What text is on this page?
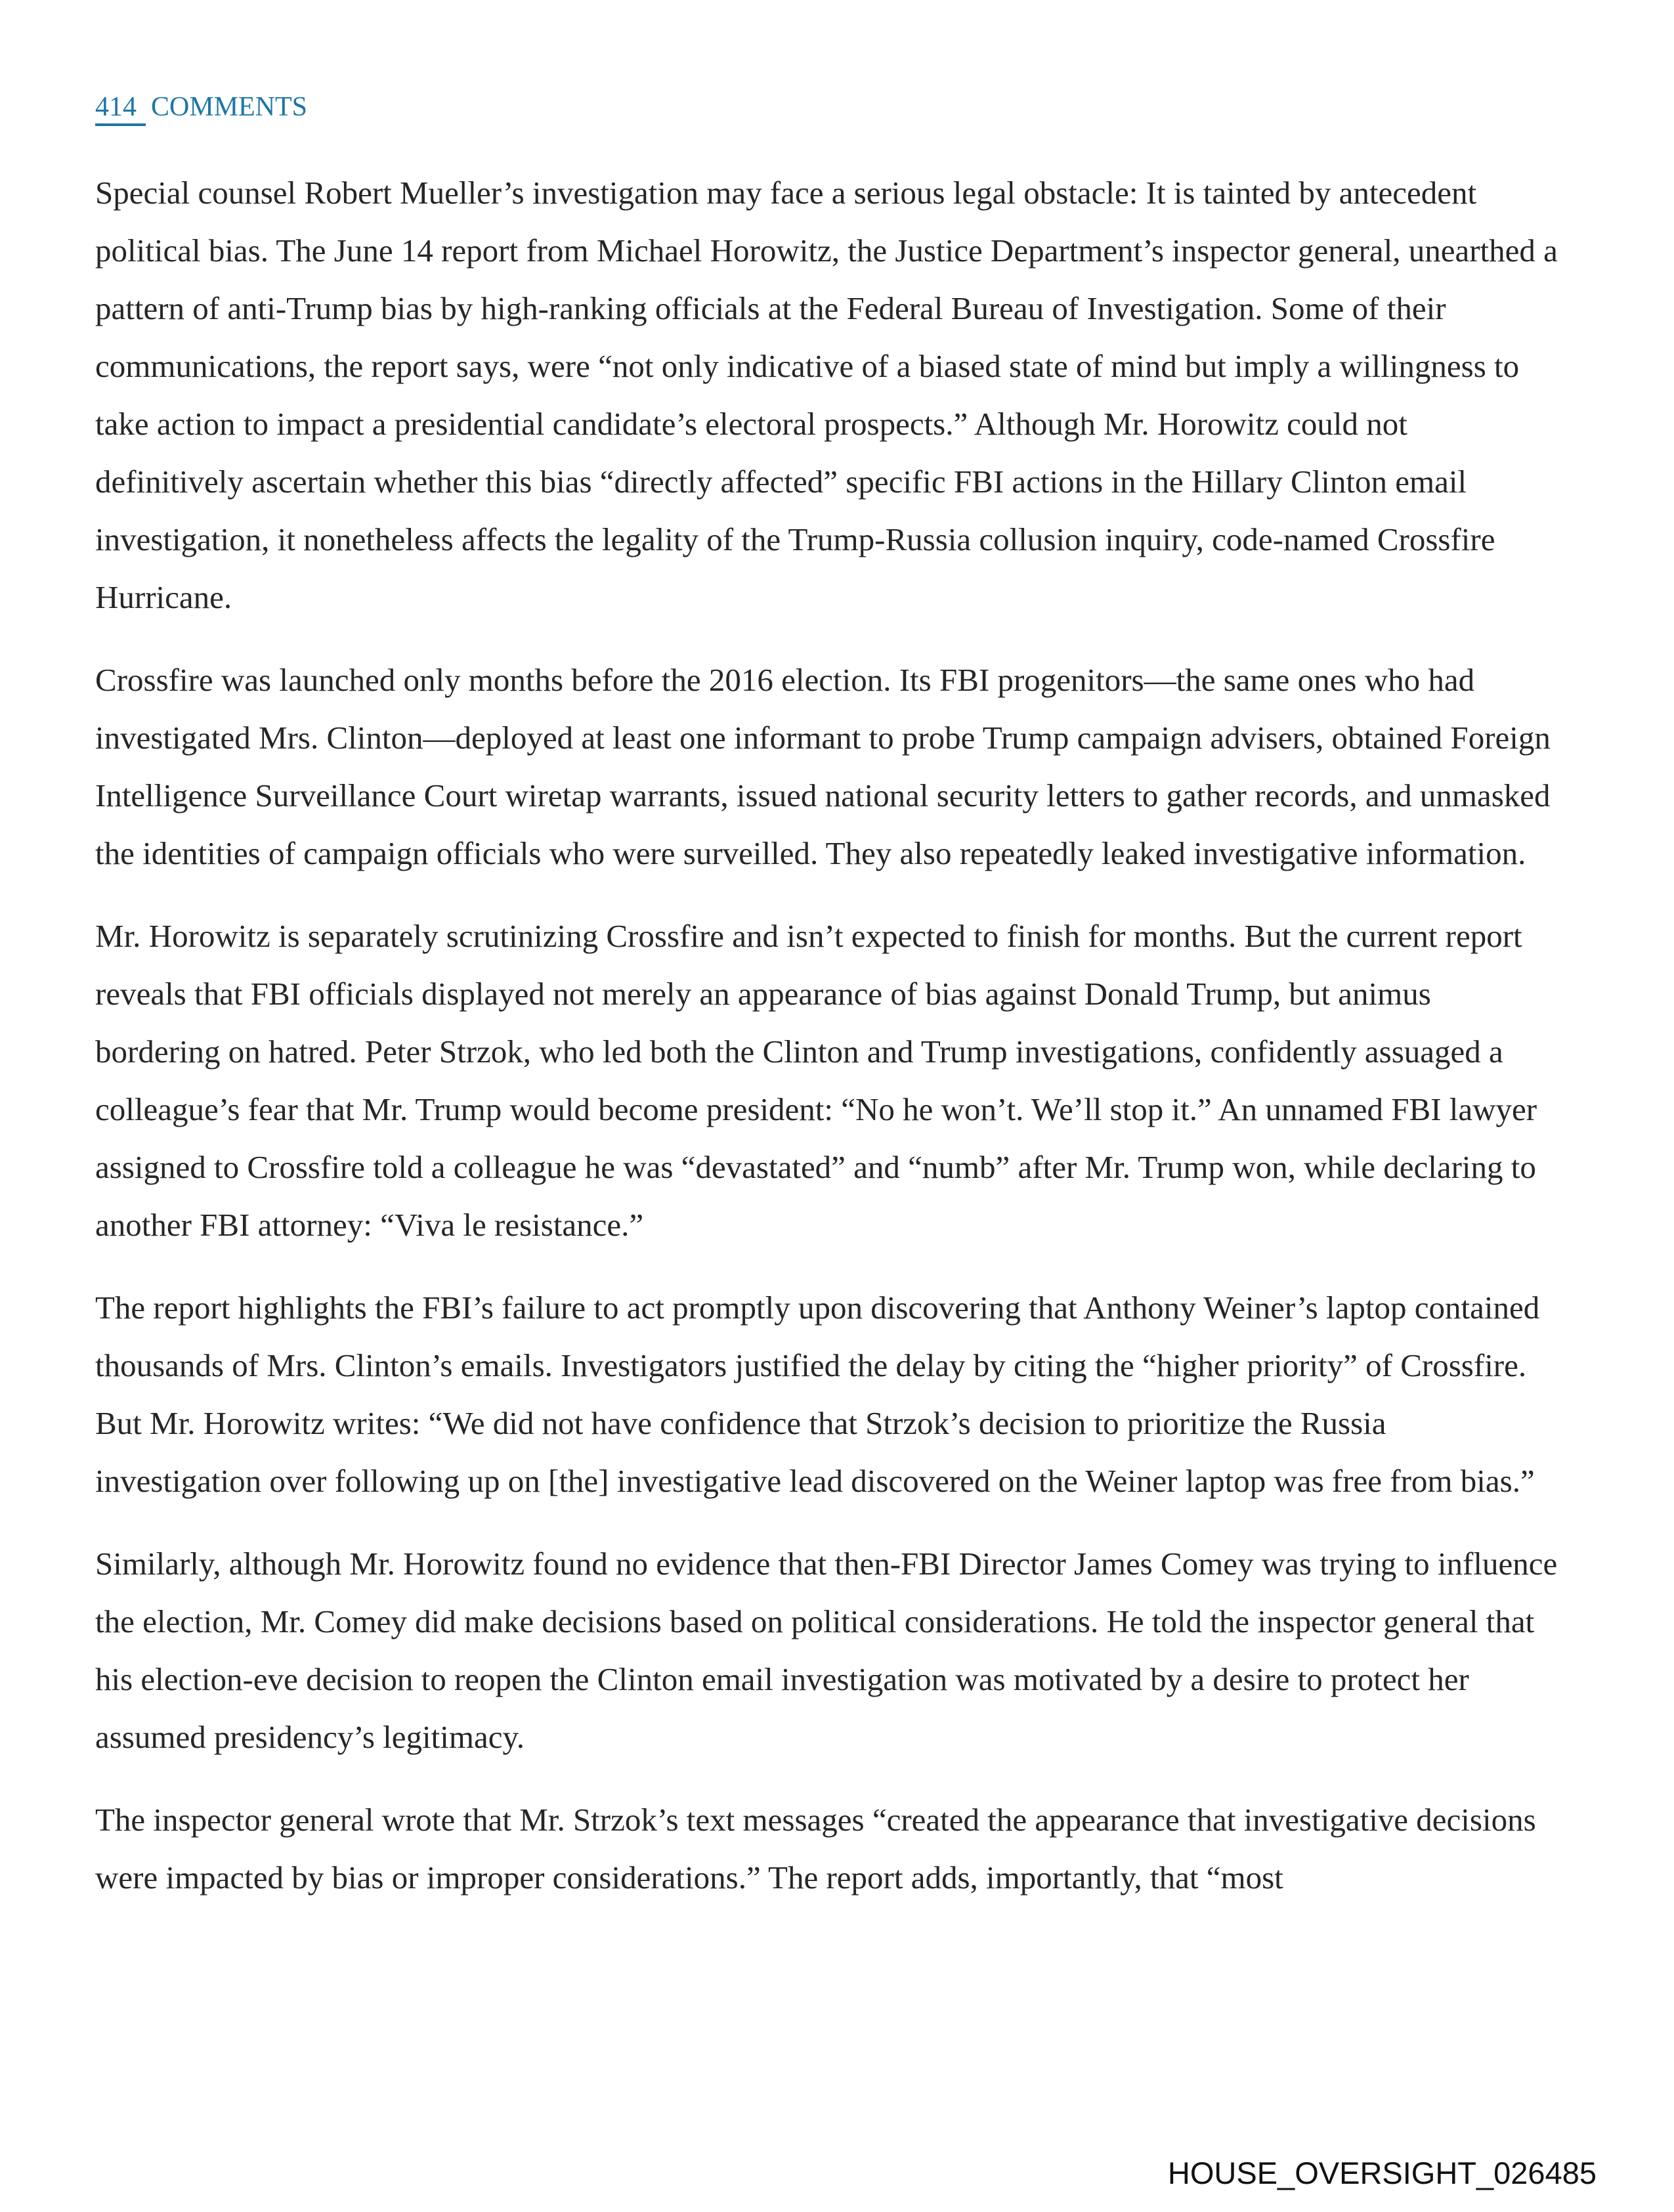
414 COMMENTS

Special counsel Robert Mueller’s investigation may face a serious legal obstacle: It is tainted by antecedent political bias. The June 14 report from Michael Horowitz, the Justice Department’s inspector general, unearthed a pattern of anti-Trump bias by high-ranking officials at the Federal Bureau of Investigation. Some of their communications, the report says, were “not only indicative of a biased state of mind but imply a willingness to take action to impact a presidential candidate’s electoral prospects.” Although Mr. Horowitz could not definitively ascertain whether this bias “directly affected” specific FBI actions in the Hillary Clinton email investigation, it nonetheless affects the legality of the Trump-Russia collusion inquiry, code-named Crossfire Hurricane.

Crossfire was launched only months before the 2016 election. Its FBI progenitors—the same ones who had investigated Mrs. Clinton—deployed at least one informant to probe Trump campaign advisers, obtained Foreign Intelligence Surveillance Court wiretap warrants, issued national security letters to gather records, and unmasked the identities of campaign officials who were surveilled. They also repeatedly leaked investigative information.

Mr. Horowitz is separately scrutinizing Crossfire and isn’t expected to finish for months. But the current report reveals that FBI officials displayed not merely an appearance of bias against Donald Trump, but animus bordering on hatred. Peter Strzok, who led both the Clinton and Trump investigations, confidently assuaged a colleague’s fear that Mr. Trump would become president: “No he won’t. We’ll stop it.” An unnamed FBI lawyer assigned to Crossfire told a colleague he was “devastated” and “numb” after Mr. Trump won, while declaring to another FBI attorney: “Viva le resistance.”

The report highlights the FBI’s failure to act promptly upon discovering that Anthony Weiner’s laptop contained thousands of Mrs. Clinton’s emails. Investigators justified the delay by citing the “higher priority” of Crossfire. But Mr. Horowitz writes: “We did not have confidence that Strzok’s decision to prioritize the Russia investigation over following up on [the] investigative lead discovered on the Weiner laptop was free from bias.”

Similarly, although Mr. Horowitz found no evidence that then-FBI Director James Comey was trying to influence the election, Mr. Comey did make decisions based on political considerations. He told the inspector general that his election-eve decision to reopen the Clinton email investigation was motivated by a desire to protect her assumed presidency’s legitimacy.

The inspector general wrote that Mr. Strzok’s text messages “created the appearance that investigative decisions were impacted by bias or improper considerations.” The report adds, importantly, that “most

HOUSE_OVERSIGHT_026485
